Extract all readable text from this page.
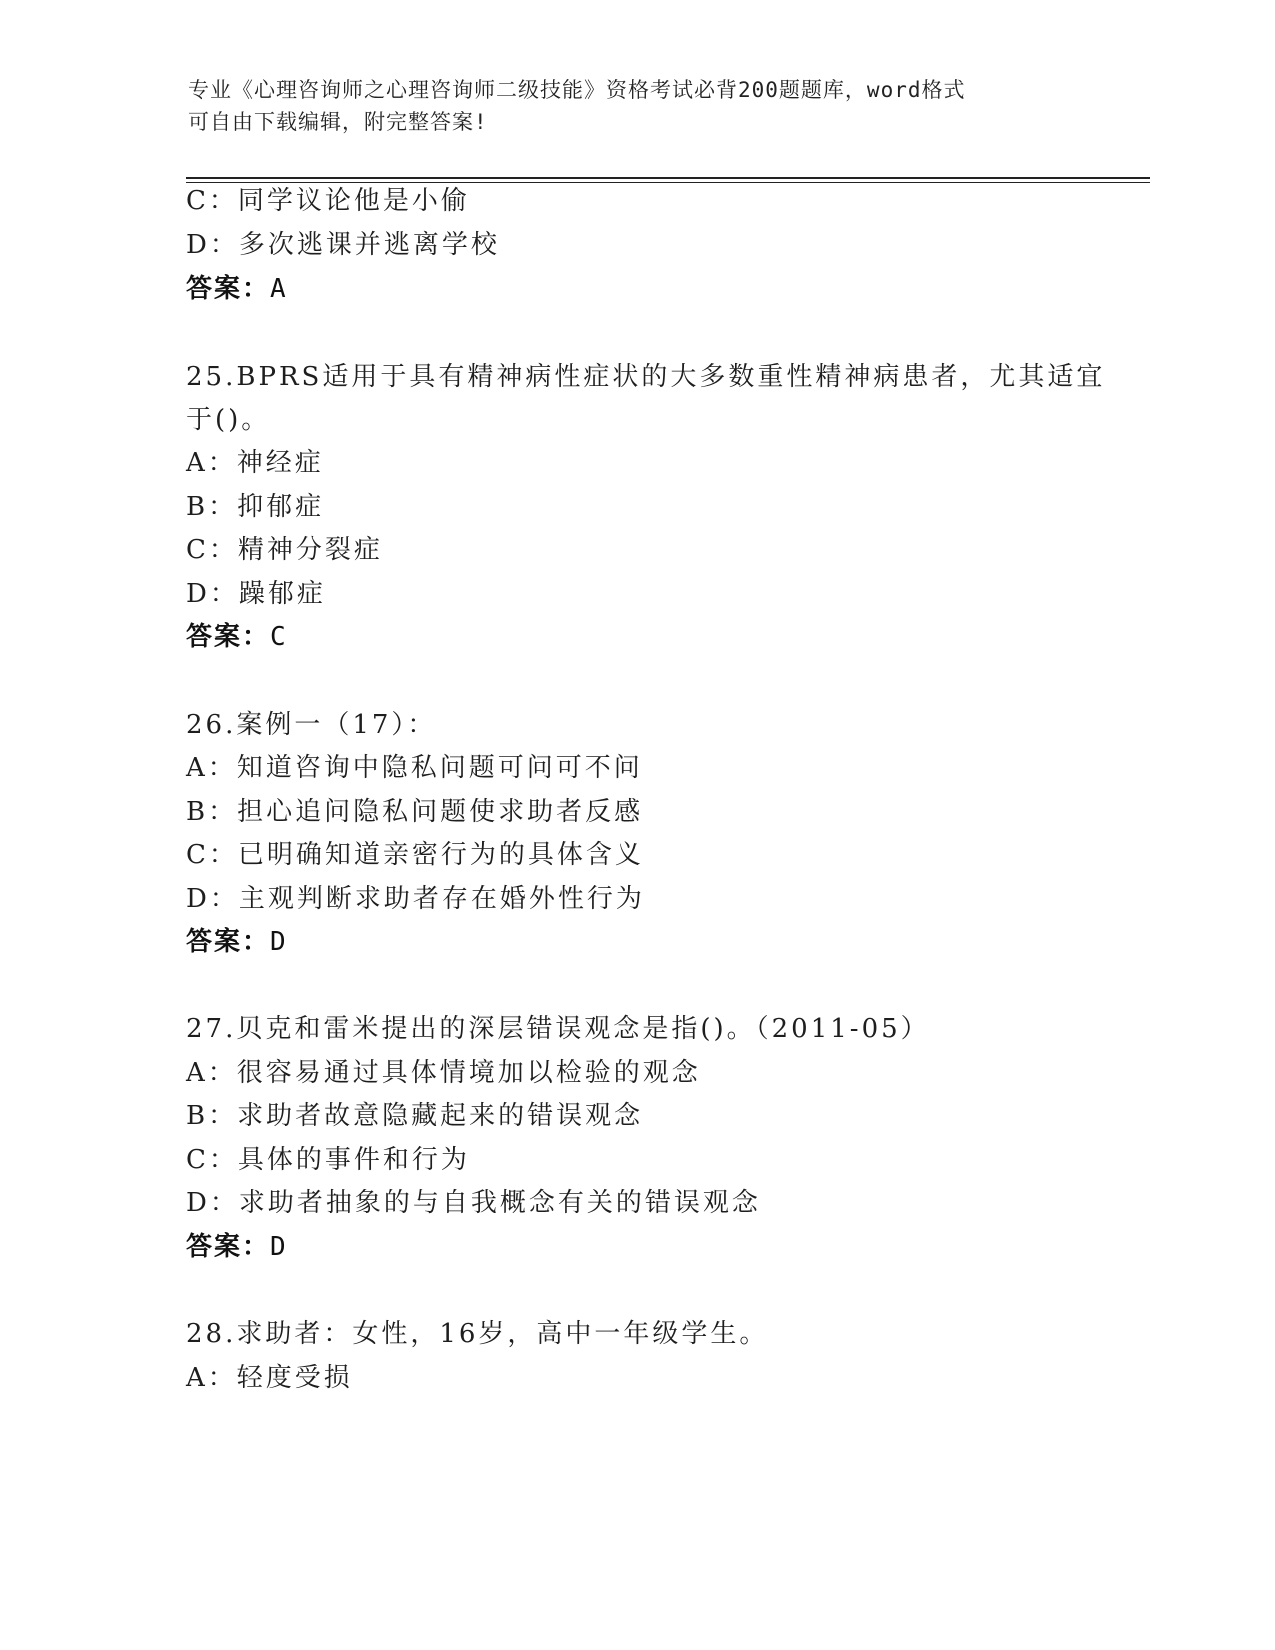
专业《心理咨询师之心理咨询师二级技能》资格考试必背200题题库，word格式
可自由下载编辑，附完整答案!
C：同学议论他是小偷
D：多次逃课并逃离学校
答案：A
25.BPRS适用于具有精神病性症状的大多数重性精神病患者，尤其适宜
于()。
A：神经症
B：抑郁症
C：精神分裂症
D：躁郁症
答案：C
26.案例一（17）：
A：知道咨询中隐私问题可问可不问
B：担心追问隐私问题使求助者反感
C：已明确知道亲密行为的具体含义
D：主观判断求助者存在婚外性行为
答案：D
27.贝克和雷米提出的深层错误观念是指()。（2011-05）
A：很容易通过具体情境加以检验的观念
B：求助者故意隐藏起来的错误观念
C：具体的事件和行为
D：求助者抽象的与自我概念有关的错误观念
答案：D
28.求助者：女性，16岁，高中一年级学生。
A：轻度受损
